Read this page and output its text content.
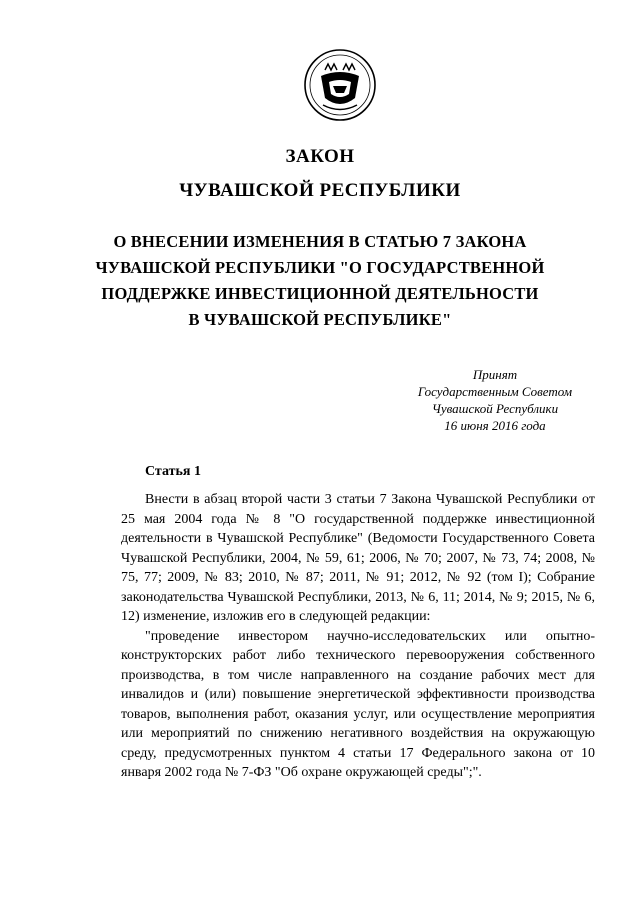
ЗАКОН
ЧУВАШСКОЙ РЕСПУБЛИКИ
О ВНЕСЕНИИ ИЗМЕНЕНИЯ В СТАТЬЮ 7 ЗАКОНА
ЧУВАШСКОЙ РЕСПУБЛИКИ "О ГОСУДАРСТВЕННОЙ
ПОДДЕРЖКЕ ИНВЕСТИЦИОННОЙ ДЕЯТЕЛЬНОСТИ
В ЧУВАШСКОЙ РЕСПУБЛИКЕ"
Принят
Государственным Советом
Чувашской Республики
16 июня 2016 года
Статья 1

Внести в абзац второй части 3 статьи 7 Закона Чувашской Республики от 25 мая 2004 года № 8 "О государственной поддержке инвестиционной деятельности в Чувашской Республике" (Ведомости Государственного Совета Чувашской Республики, 2004, № 59, 61; 2006, № 70; 2007, № 73, 74; 2008, № 75, 77; 2009, № 83; 2010, № 87; 2011, № 91; 2012, № 92 (том I); Собрание законодательства Чувашской Республики, 2013, № 6, 11; 2014, № 9; 2015, № 6, 12) изменение, изложив его в следующей редакции:

"проведение инвестором научно-исследовательских или опытно-конструкторских работ либо технического перевооружения собственного производства, в том числе направленного на создание рабочих мест для инвалидов и (или) повышение энергетической эффективности производства товаров, выполнения работ, оказания услуг, или осуществление мероприятия или мероприятий по снижению негативного воздействия на окружающую среду, предусмотренных пунктом 4 статьи 17 Федерального закона от 10 января 2002 года № 7-ФЗ "Об охране окружающей среды";".
